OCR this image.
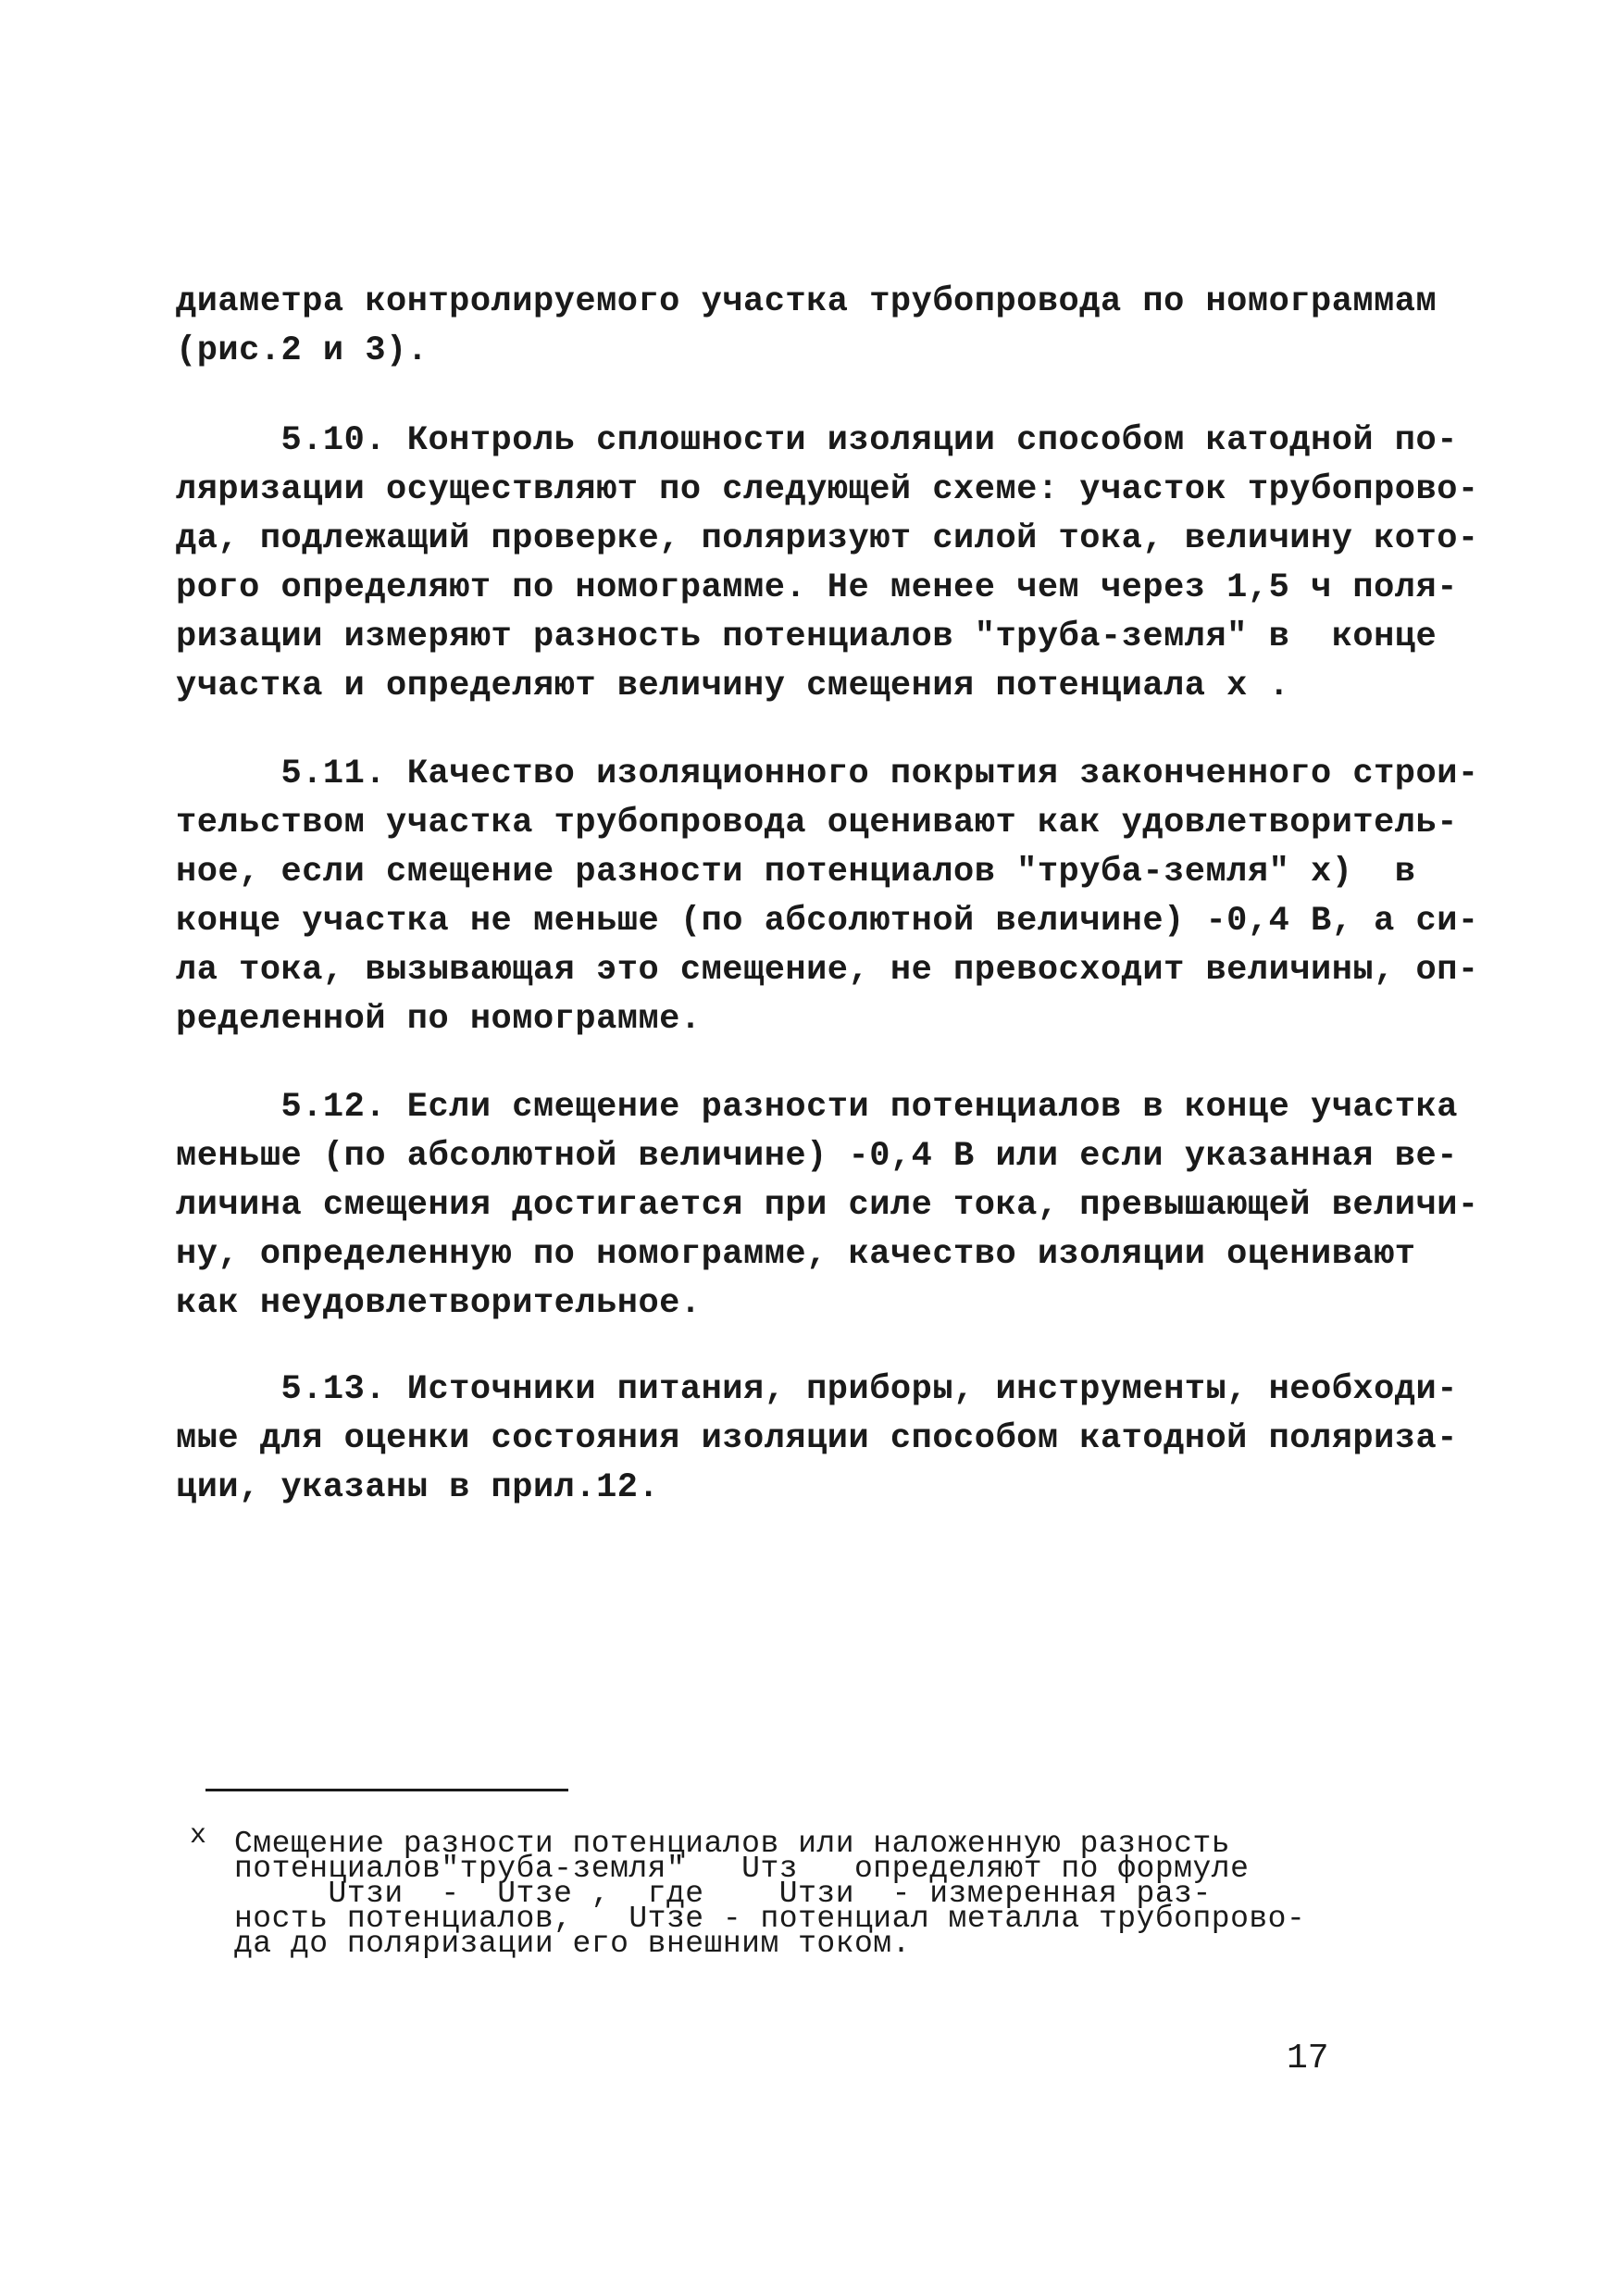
диаметра контролируемого участка трубопровода по номограммам
(рис.2 и 3).
5.10. Контроль сплошности изоляции способом катодной по-
ляризации осуществляют по следующей схеме: участок трубопрово-
да, подлежащий проверке, поляризуют силой тока, величину кото-
рого определяют по номограмме. Не менее чем через 1,5 ч поля-
ризации измеряют разность потенциалов "труба-земля" в  конце
участка и определяют величину смещения потенциала x .
5.11. Качество изоляционного покрытия законченного строи-
тельством участка трубопровода оценивают как удовлетворитель-
ное, если смещение разности потенциалов "труба-земля" x)  в
конце участка не меньше (по абсолютной величине) -0,4 В, а си-
ла тока, вызывающая это смещение, не превосходит величины, оп-
ределенной по номограмме.
5.12. Если смещение разности потенциалов в конце участка
меньше (по абсолютной величине) -0,4 В или если указанная ве-
личина смещения достигается при силе тока, превышающей величи-
ну, определенную по номограмме, качество изоляции оценивают
как неудовлетворительное.
5.13. Источники питания, приборы, инструменты, необходи-
мые для оценки состояния изоляции способом катодной поляриза-
ции, указаны в прил.12.
x Смещение разности потенциалов или наложенную разность
потенциалов"труба-земля"   Uтз   определяют по формуле
Uтзи  -  Uтзе ,  где    Uтзи  - измеренная раз-
ность потенциалов,   Uтзе - потенциал металла трубопрово-
да до поляризации его внешним током.
17
